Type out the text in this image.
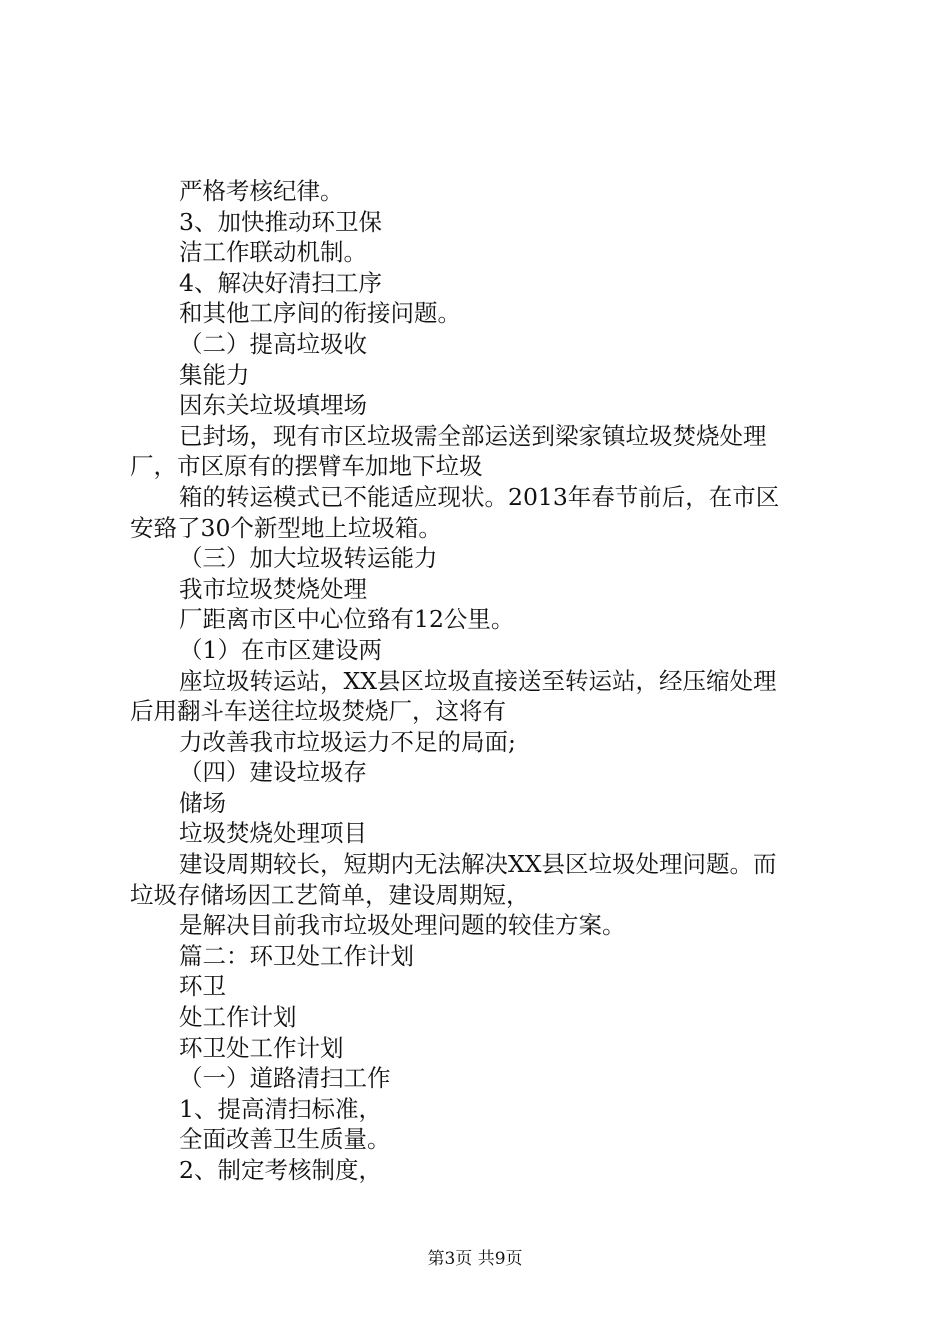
严格考核纪律。
3、加快推动环卫保
洁工作联动机制。
4、解决好清扫工序
和其他工序间的衔接问题。
（二）提高垃圾收
集能力
因东关垃圾填埋场
已封场，现有市区垃圾需全部运送到梁家镇垃圾焚烧处理
厂，市区原有的摆臂车加地下垃圾
箱的转运模式已不能适应现状。2013年春节前后，在市区
安臵了30个新型地上垃圾箱。
（三）加大垃圾转运能力
我市垃圾焚烧处理
厂距离市区中心位臵有12公里。
（1）在市区建设两
座垃圾转运站，XX县区垃圾直接送至转运站，经压缩处理
后用翻斗车送往垃圾焚烧厂，这将有
力改善我市垃圾运力不足的局面;
（四）建设垃圾存
储场
垃圾焚烧处理项目
建设周期较长，短期内无法解决XX县区垃圾处理问题。而
垃圾存储场因工艺简单，建设周期短，
是解决目前我市垃圾处理问题的较佳方案。
篇二：环卫处工作计划
环卫
处工作计划
环卫处工作计划
（一）道路清扫工作
1、提高清扫标准，
全面改善卫生质量。
2、制定考核制度，
第3页 共9页
